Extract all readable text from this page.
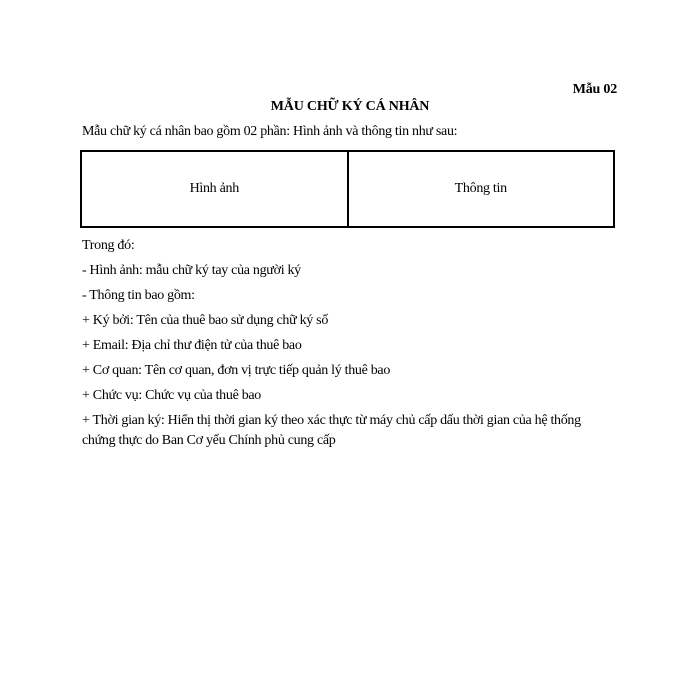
Mẫu 02
MẪU CHỮ KÝ CÁ NHÂN
Mẫu chữ ký cá nhân bao gồm 02 phần: Hình ảnh và thông tin như sau:
Hình ảnh	Thông tin
Trong đó:
- Hình ảnh: mẫu chữ ký tay của người ký
- Thông tin bao gồm:
+ Ký bởi: Tên của thuê bao sử dụng chữ ký số
+ Email: Địa chỉ thư điện tử của thuê bao
+ Cơ quan: Tên cơ quan, đơn vị trực tiếp quản lý thuê bao
+ Chức vụ: Chức vụ của thuê bao
+ Thời gian ký: Hiển thị thời gian ký theo xác thực từ máy chủ cấp dấu thời gian của hệ thống chứng thực do Ban Cơ yếu Chính phủ cung cấp
